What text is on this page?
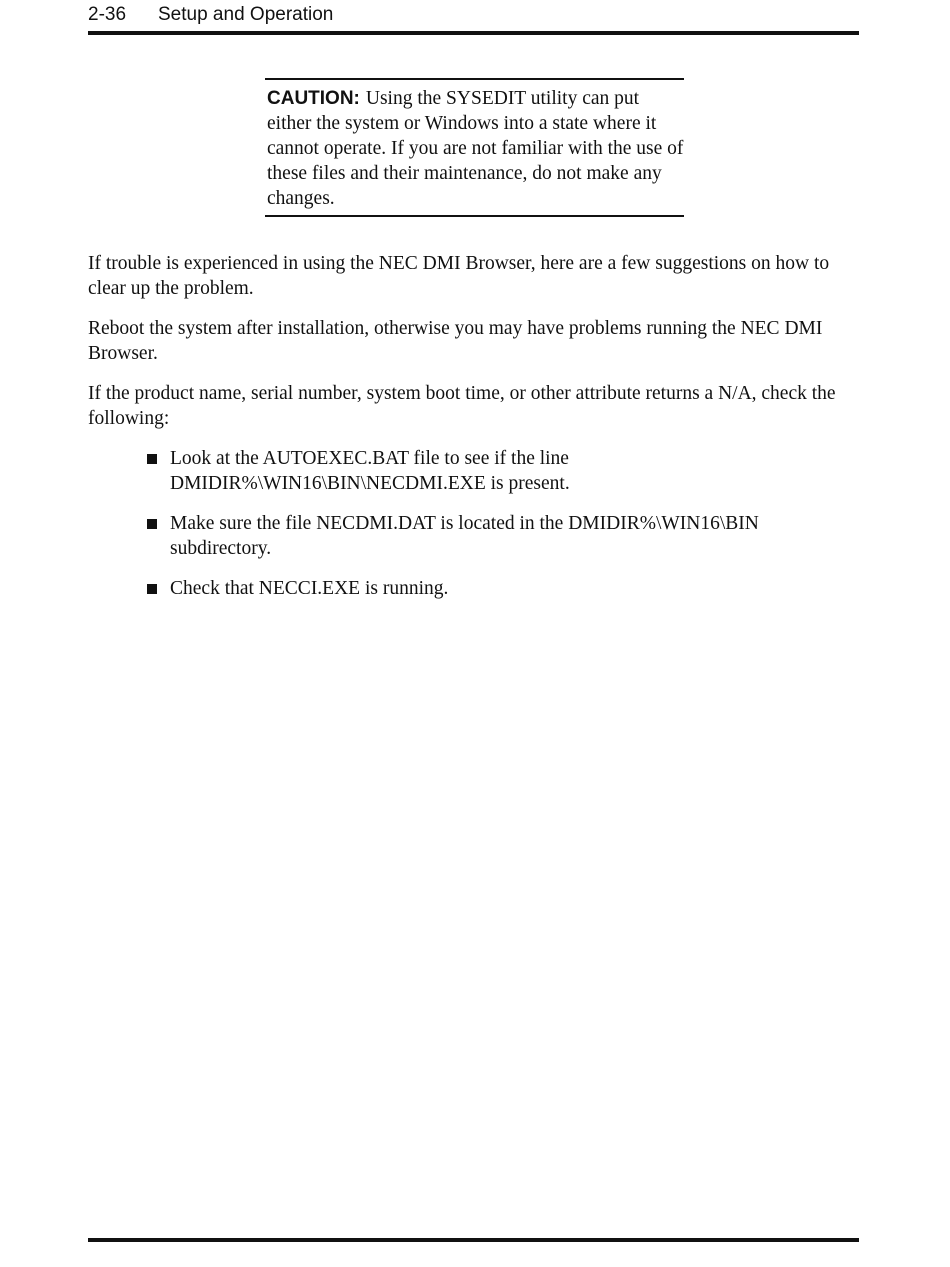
2-36 Setup and Operation
CAUTION: Using the SYSEDIT utility can put either the system or Windows into a state where it cannot operate. If you are not familiar with the use of these files and their maintenance, do not make any changes.

If trouble is experienced in using the NEC DMI Browser, here are a few suggestions on how to clear up the problem.

Reboot the system after installation, otherwise you may have problems running the NEC DMI Browser.

If the product name, serial number, system boot time, or other attribute returns a N/A, check the following:

Look at the AUTOEXEC.BAT file to see if the line DMIDIR%\WIN16\BIN\NECDMI.EXE is present.
Make sure the file NECDMI.DAT is located in the DMIDIR%\WIN16\BIN subdirectory.
Check that NECCI.EXE is running.
